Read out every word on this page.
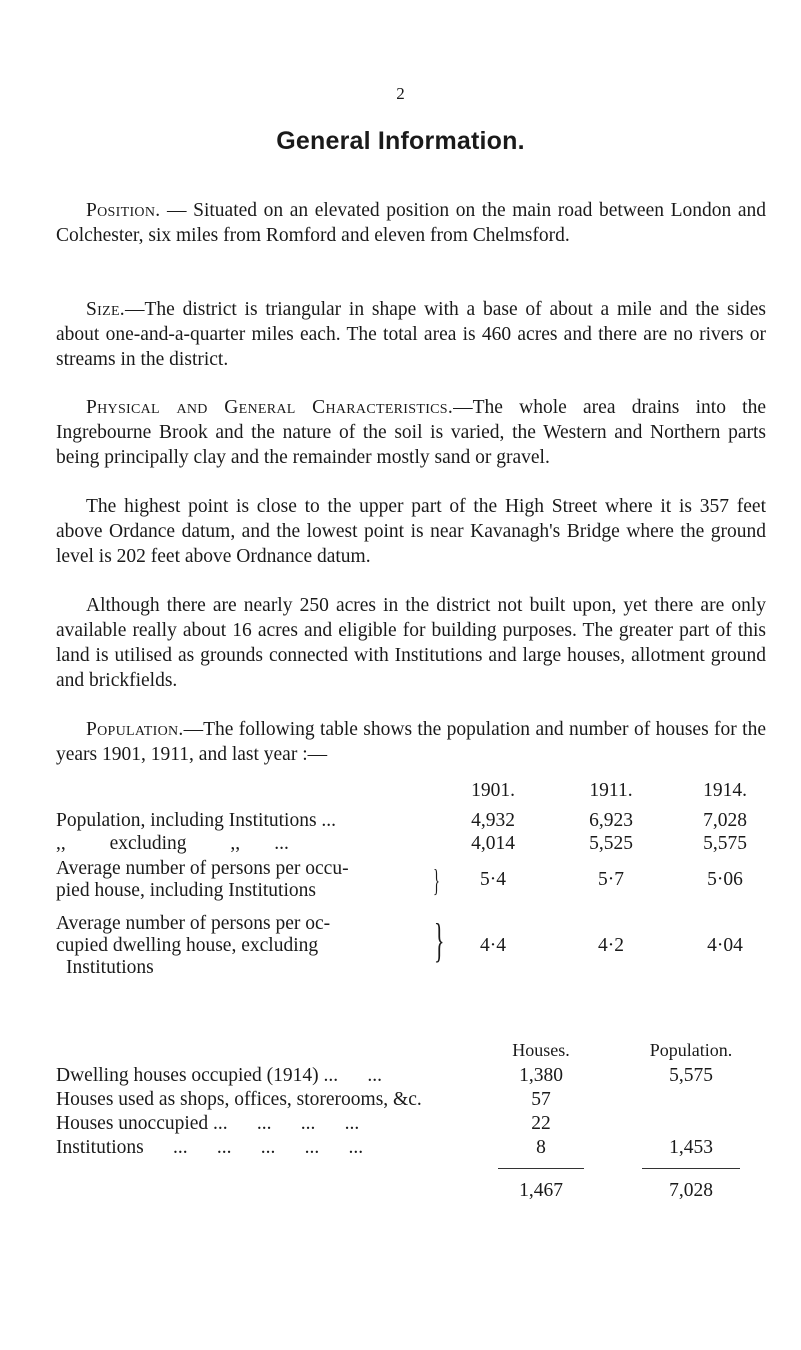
2
General Information.

Position. — Situated on an elevated position on the main road between London and Colchester, six miles from Romford and eleven from Chelmsford.

Size.—The district is triangular in shape with a base of about a mile and the sides about one-and-a-quarter miles each. The total area is 460 acres and there are no rivers or streams in the district.

Physical and General Characteristics.—The whole area drains into the Ingrebourne Brook and the nature of the soil is varied, the Western and Northern parts being principally clay and the remainder mostly sand or gravel.

The highest point is close to the upper part of the High Street where it is 357 feet above Ordance datum, and the lowest point is near Kavanagh's Bridge where the ground level is 202 feet above Ordnance datum.

Although there are nearly 250 acres in the district not built upon, yet there are only available really about 16 acres and eligible for building purposes. The greater part of this land is utilised as grounds connected with Institutions and large houses, allotment ground and brickfields.

Population.—The following table shows the population and number of houses for the years 1901, 1911, and last year :—

1901.	1911.	1914.
Population, including Institutions ...	4,932	6,923	7,028
,,         excluding         ,,       ...	4,014	5,525	5,575
Average number of persons per occu-
pied house, including Institutions	}	5·4	5·7	5·06
Average number of persons per oc-
cupied dwelling house, excluding
Institutions
}	4·4	4·2	4·04
Houses.	Population.
Dwelling houses occupied (1914) ...      ...	1,380	5,575
Houses used as shops, offices, storerooms, &c.	57
Houses unoccupied ...      ...      ...      ...	22
Institutions      ...      ...      ...      ...      ...	8	1,453
1,467	7,028
